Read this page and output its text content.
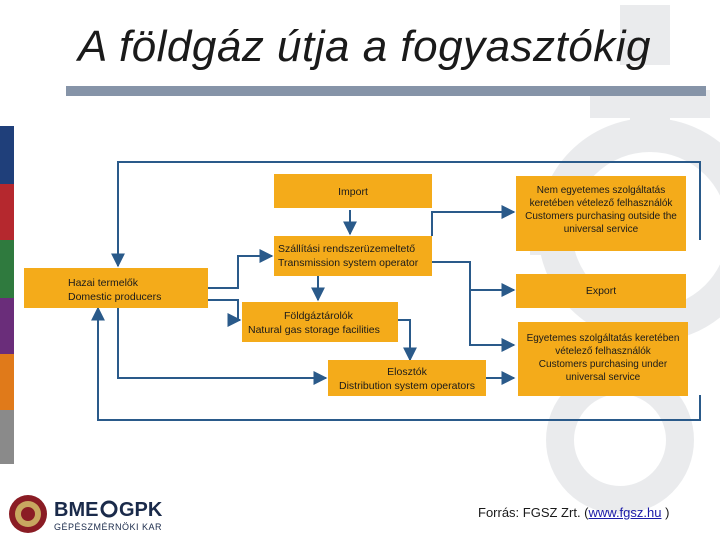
A földgáz útja a fogyasztókig
Import	Nem egyetemes szolgáltatás
keretében vételező felhasználók
Customers purchasing outside the
universal service
Szállítási rendszerüzemeltető
Transmission system operator
Hazai termelők
Domestic producers	Export
Földgáztárolók
Natural gas storage facilities
Egyetemes szolgáltatás keretében
vételező felhasználók
Customers purchasing under
universal service
Elosztók
Distribution system operators
BME GPK
GÉPÉSZMÉRNÖKI KAR
Forrás: FGSZ Zrt. (www.fgsz.hu )
